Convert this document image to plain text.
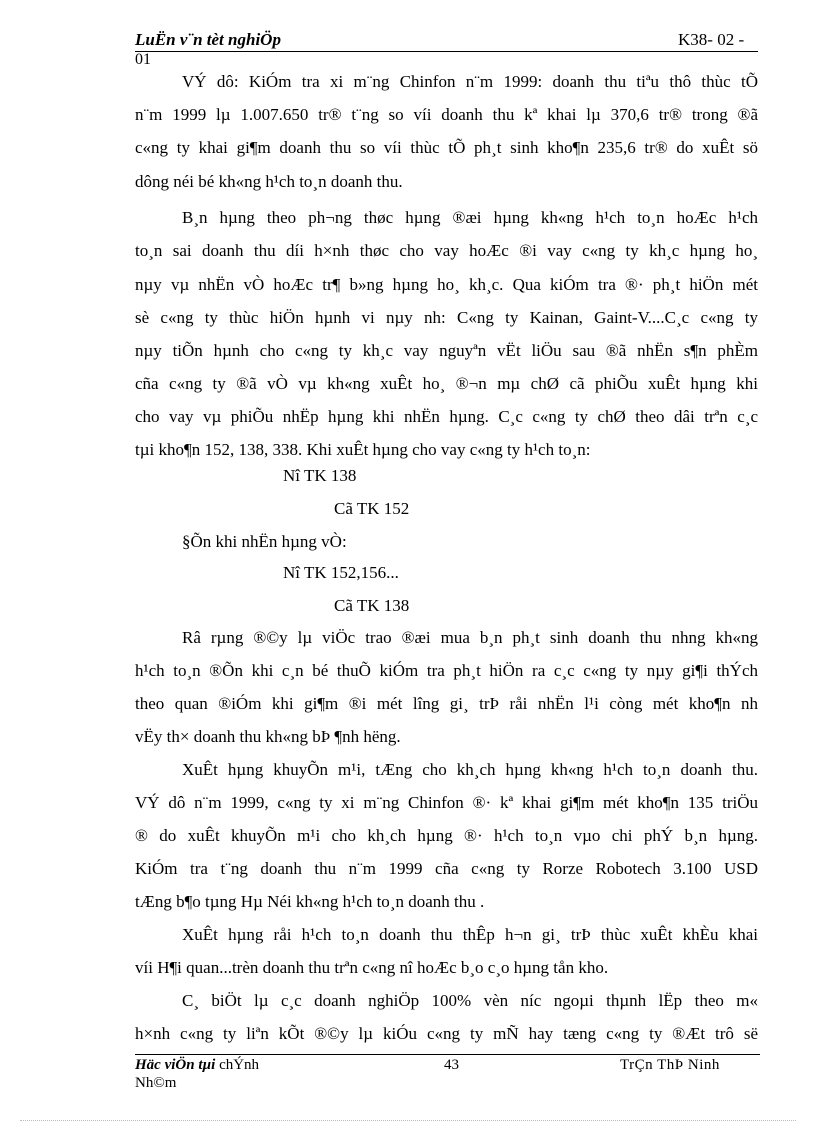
LuËn v¨n tèt nghiÖp	K38- 02 -
01
VÝ dô: KiÓm tra xi m¨ng Chinfon n¨m 1999: doanh thu tiªu thô thùc tÕ
n¨m 1999 lµ 1.007.650 tr® t¨ng so víi doanh thu kª khai lµ 370,6 tr® trong ®ã
c«ng ty khai gi¶m doanh thu so víi thùc tÕ ph¸t sinh kho¶n 235,6 tr® do xuÊt sö
dông néi bé kh«ng h¹ch to¸n doanh thu.
B¸n hµng theo ph¬ng thøc hµng ®æi hµng kh«ng h¹ch to¸n hoÆc h¹ch
to¸n sai doanh thu díi h×nh thøc cho vay hoÆc ®i vay c«ng ty kh¸c hµng ho¸
nµy vµ nhËn vÒ hoÆc tr¶ b»ng hµng ho¸ kh¸c. Qua kiÓm tra ®· ph¸t hiÖn mét
sè c«ng ty thùc hiÖn hµnh vi nµy nh: C«ng ty Kainan, Gaint-V....C¸c c«ng ty
nµy tiÕn hµnh cho c«ng ty kh¸c vay nguyªn vËt liÖu sau ®ã nhËn s¶n phÈm
cña c«ng ty ®ã vÒ vµ kh«ng xuÊt ho¸ ®¬n mµ chØ cã phiÕu xuÊt hµng khi
cho vay vµ phiÕu nhËp hµng khi nhËn hµng. C¸c c«ng ty chØ theo dâi trªn c¸c
tµi kho¶n 152, 138, 338. Khi xuÊt hµng cho vay c«ng ty h¹ch to¸n:
Nî TK 138
Cã TK 152
§Õn khi nhËn hµng vÒ:
Nî TK 152,156...
Cã TK 138
Râ rµng ®©y lµ viÖc trao ®æi mua b¸n ph¸t sinh doanh thu nhng kh«ng
h¹ch to¸n ®Õn khi c¸n bé thuÕ kiÓm tra ph¸t hiÖn ra c¸c c«ng ty nµy gi¶i thÝch
theo quan ®iÓm khi gi¶m ®i mét lîng gi¸ trÞ råi nhËn l¹i còng mét kho¶n nh
vËy th× doanh thu kh«ng bÞ ¶nh hëng.
XuÊt hµng khuyÕn m¹i, tÆng cho kh¸ch hµng kh«ng h¹ch to¸n doanh thu.
VÝ dô n¨m 1999, c«ng ty xi m¨ng Chinfon ®· kª khai gi¶m mét kho¶n 135 triÖu
® do xuÊt khuyÕn m¹i cho kh¸ch hµng ®· h¹ch to¸n vµo chi phÝ b¸n hµng.
KiÓm tra t¨ng doanh thu n¨m 1999 cña c«ng ty Rorze Robotech 3.100 USD
tÆng b¶o tµng Hµ Néi kh«ng h¹ch to¸n doanh thu .
XuÊt hµng råi h¹ch to¸n doanh thu thÊp h¬n gi¸ trÞ thùc xuÊt khÈu khai
víi H¶i quan...trèn doanh thu trªn c«ng nî hoÆc b¸o c¸o hµng tån kho.
C¸ biÖt lµ c¸c doanh nghiÖp 100% vèn níc ngoµi thµnh lËp theo m«
h×nh c«ng ty liªn kÕt ®©y lµ kiÓu c«ng ty mÑ hay tæng c«ng ty ®Æt trô së
Häc viÖn tµi chÝnh
Nh©m
43	TrÇn ThÞ Ninh
